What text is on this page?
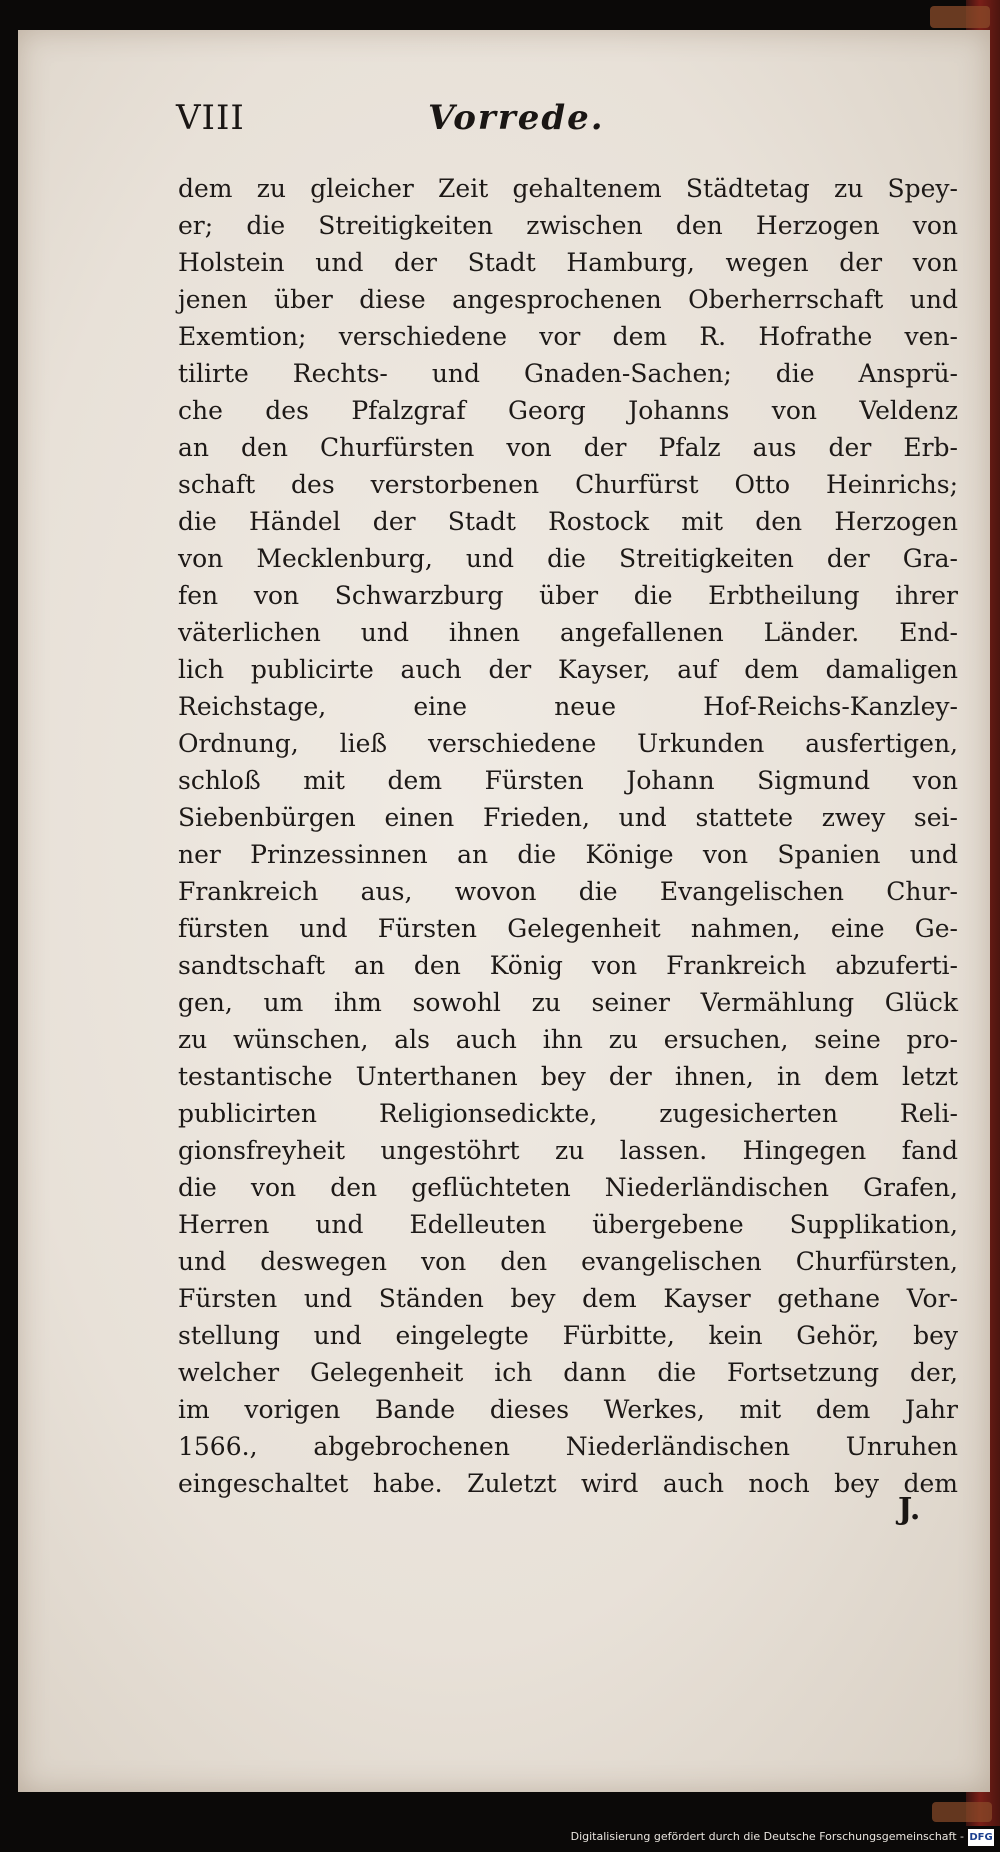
VIII	Vorrede.
dem zu gleicher Zeit gehaltenem Städtetag zu Spey-
er; die Streitigkeiten zwischen den Herzogen von
Holstein und der Stadt Hamburg, wegen der von
jenen über diese angesprochenen Oberherrschaft und
Exemtion; verschiedene vor dem R. Hofrathe ven-
tilirte Rechts- und Gnaden-Sachen; die Ansprü-
che des Pfalzgraf Georg Johanns von Veldenz
an den Churfürsten von der Pfalz aus der Erb-
schaft des verstorbenen Churfürst Otto Heinrichs;
die Händel der Stadt Rostock mit den Herzogen
von Mecklenburg, und die Streitigkeiten der Gra-
fen von Schwarzburg über die Erbtheilung ihrer
väterlichen und ihnen angefallenen Länder. End-
lich publicirte auch der Kayser, auf dem damaligen
Reichstage, eine neue Hof-Reichs-Kanzley-
Ordnung, ließ verschiedene Urkunden ausfertigen,
schloß mit dem Fürsten Johann Sigmund von
Siebenbürgen einen Frieden, und stattete zwey sei-
ner Prinzessinnen an die Könige von Spanien und
Frankreich aus, wovon die Evangelischen Chur-
fürsten und Fürsten Gelegenheit nahmen, eine Ge-
sandtschaft an den König von Frankreich abzuferti-
gen, um ihm sowohl zu seiner Vermählung Glück
zu wünschen, als auch ihn zu ersuchen, seine pro-
testantische Unterthanen bey der ihnen, in dem letzt
publicirten Religionsedickte, zugesicherten Reli-
gionsfreyheit ungestöhrt zu lassen. Hingegen fand
die von den geflüchteten Niederländischen Grafen,
Herren und Edelleuten übergebene Supplikation,
und deswegen von den evangelischen Churfürsten,
Fürsten und Ständen bey dem Kayser gethane Vor-
stellung und eingelegte Fürbitte, kein Gehör, bey
welcher Gelegenheit ich dann die Fortsetzung der,
im vorigen Bande dieses Werkes, mit dem Jahr
1566., abgebrochenen Niederländischen Unruhen
eingeschaltet habe. Zuletzt wird auch noch bey dem
J.
Digitalisierung gefördert durch die Deutsche Forschungsgemeinschaft - DFG
